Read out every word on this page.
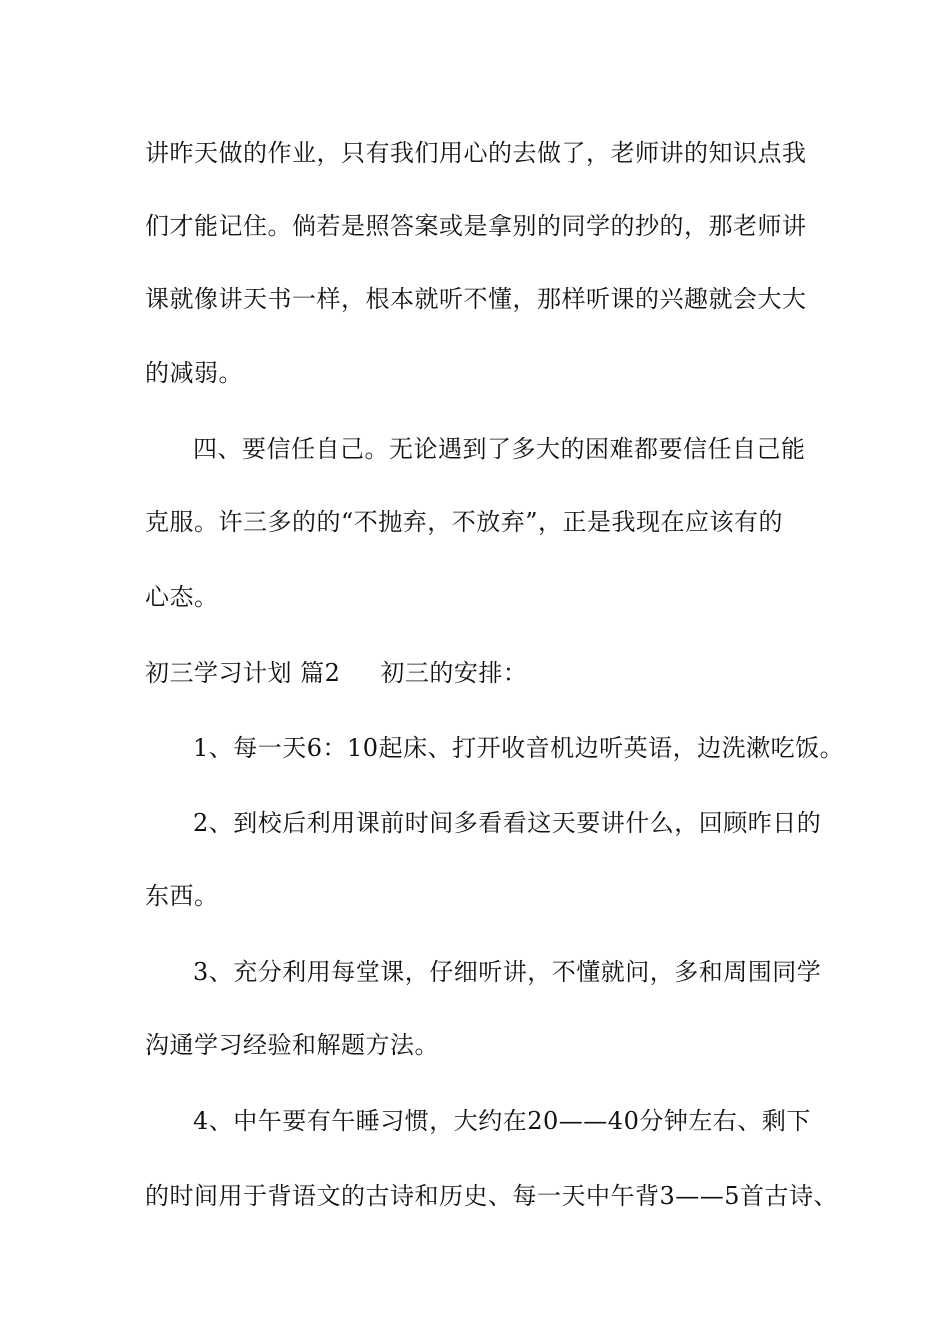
讲昨天做的作业，只有我们用心的去做了，老师讲的知识点我
们才能记住。倘若是照答案或是拿别的同学的抄的，那老师讲
课就像讲天书一样，根本就听不懂，那样听课的兴趣就会大大
的减弱。
四、要信任自己。无论遇到了多大的困难都要信任自己能
克服。许三多的的“不抛弃，不放弃”，正是我现在应该有的
心态。
初三学习计划 篇2 初三的安排：
1、每一天6：10起床、打开收音机边听英语，边洗漱吃饭。
2、到校后利用课前时间多看看这天要讲什么，回顾昨日的
东西。
3、充分利用每堂课，仔细听讲，不懂就问，多和周围同学
沟通学习经验和解题方法。
4、中午要有午睡习惯，大约在20——40分钟左右、剩下
的时间用于背语文的古诗和历史、每一天中午背3——5首古诗、
